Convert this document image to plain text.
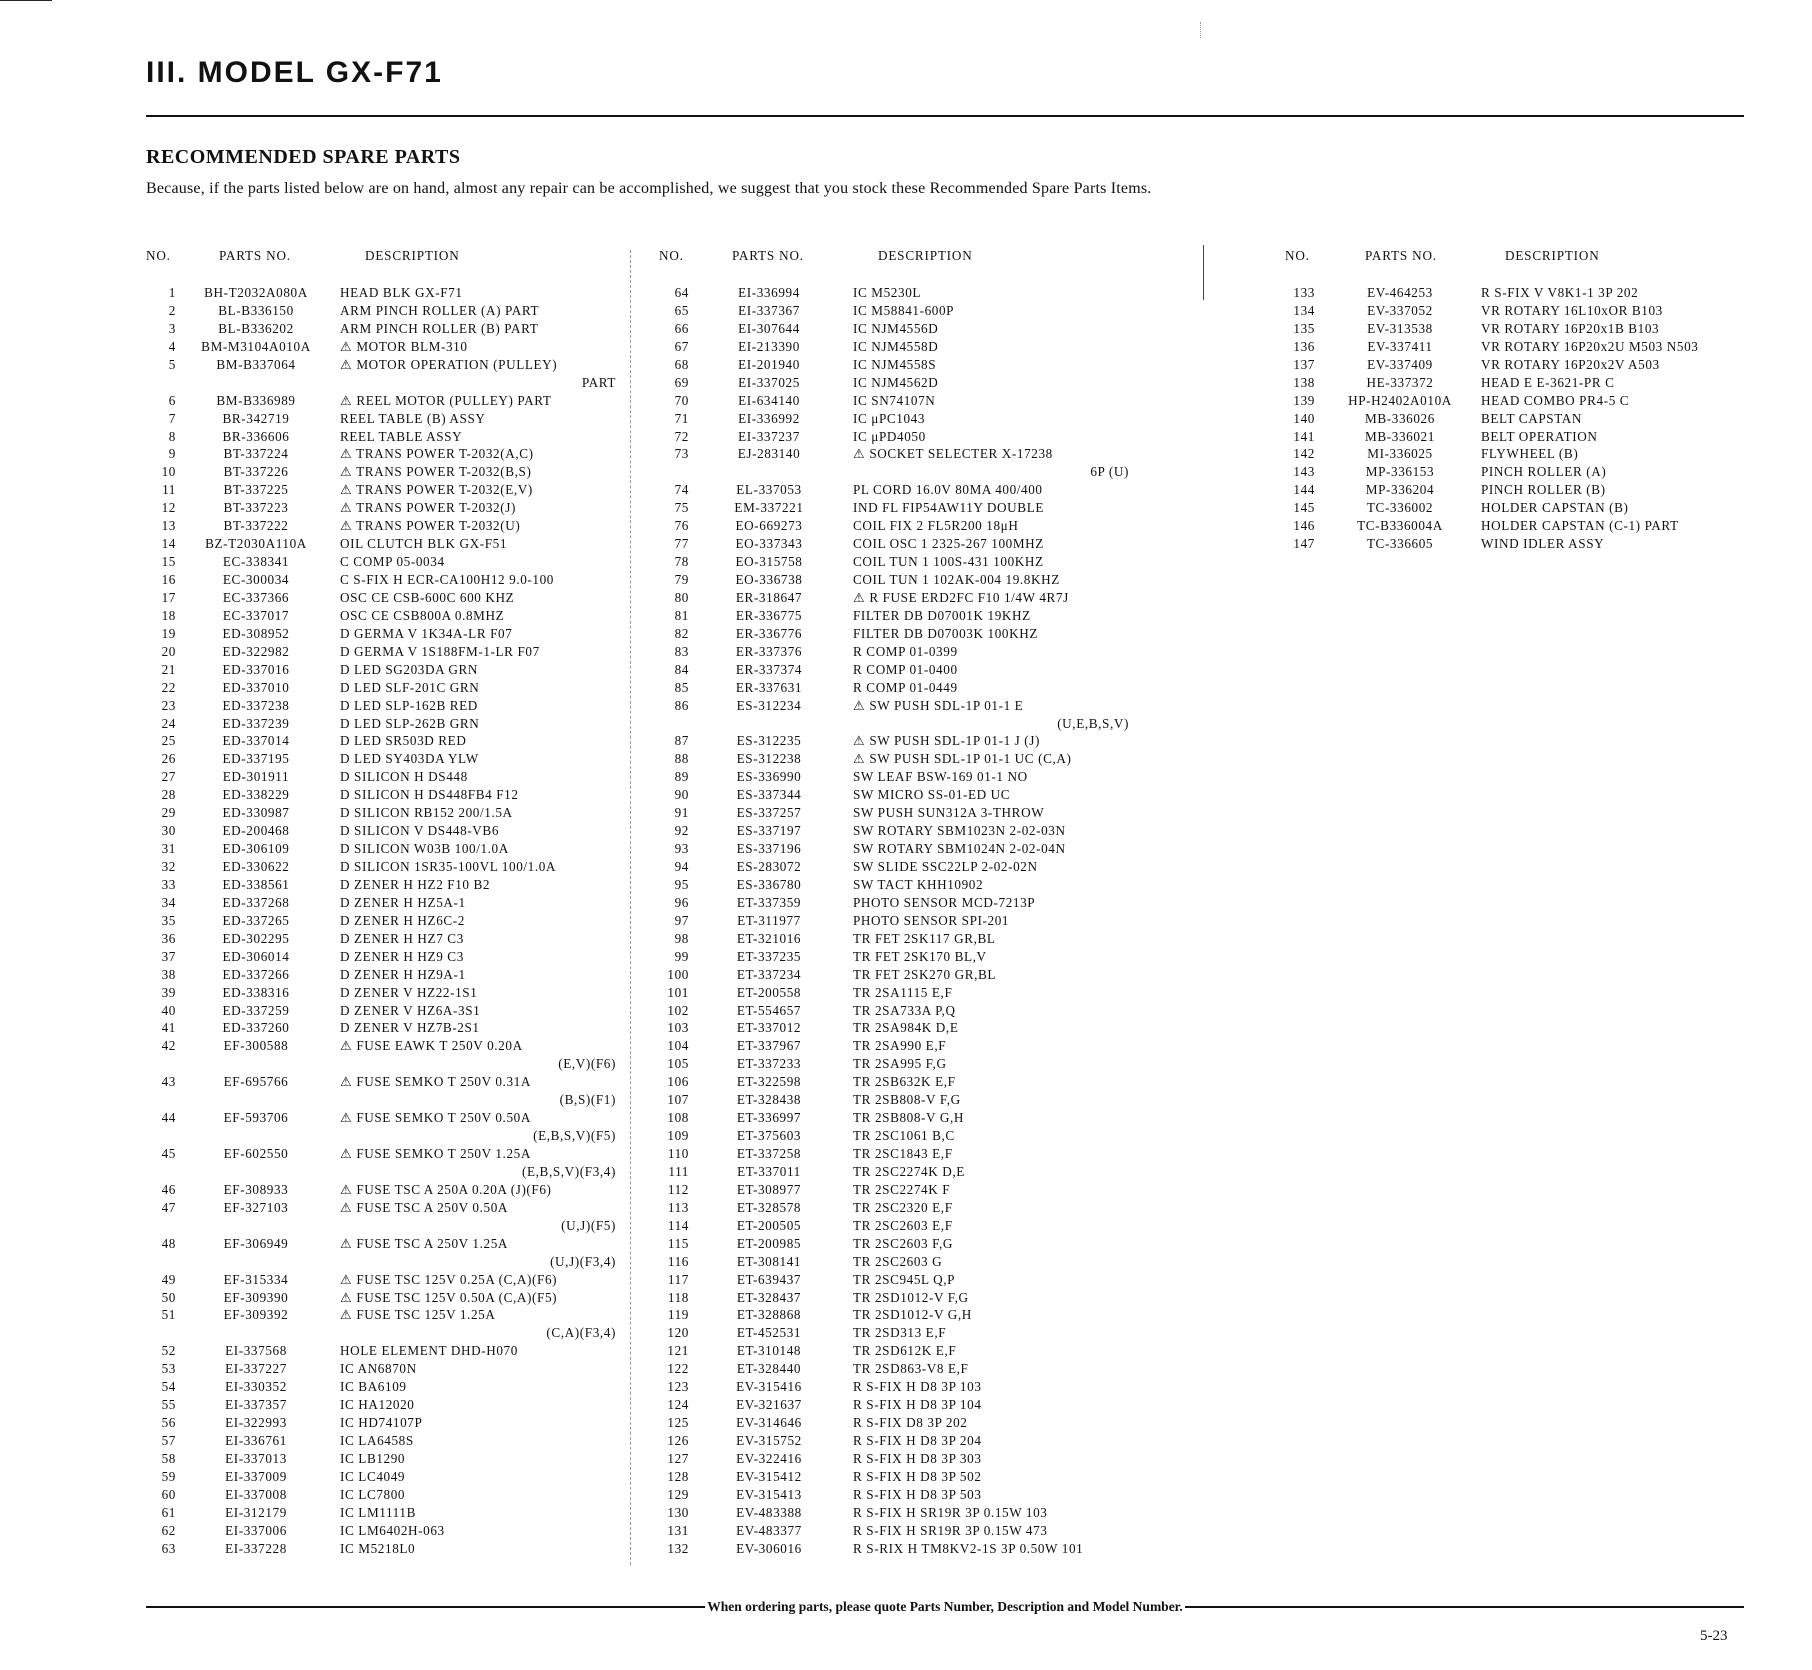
III. MODEL GX-F71
RECOMMENDED SPARE PARTS

Because, if the parts listed below are on hand, almost any repair can be accomplished, we suggest that you stock these Recommended Spare Parts Items.

NO.	PARTS NO.	DESCRIPTION
1	BH-T2032A080A	HEAD BLK GX-F71
2	BL-B336150	ARM PINCH ROLLER (A) PART
3	BL-B336202	ARM PINCH ROLLER (B) PART
4	BM-M3104A010A	⚠ MOTOR BLM-310
5	BM-B337064	⚠ MOTOR OPERATION (PULLEY)
PART
6	BM-B336989	⚠ REEL MOTOR (PULLEY) PART
7	BR-342719	REEL TABLE (B) ASSY
8	BR-336606	REEL TABLE ASSY
9	BT-337224	⚠ TRANS POWER T-2032(A,C)
10	BT-337226	⚠ TRANS POWER T-2032(B,S)
11	BT-337225	⚠ TRANS POWER T-2032(E,V)
12	BT-337223	⚠ TRANS POWER T-2032(J)
13	BT-337222	⚠ TRANS POWER T-2032(U)
14	BZ-T2030A110A	OIL CLUTCH BLK GX-F51
15	EC-338341	C COMP 05-0034
16	EC-300034	C S-FIX H ECR-CA100H12 9.0-100
17	EC-337366	OSC CE CSB-600C 600 KHZ
18	EC-337017	OSC CE CSB800A 0.8MHZ
19	ED-308952	D GERMA V 1K34A-LR F07
20	ED-322982	D GERMA V 1S188FM-1-LR F07
21	ED-337016	D LED SG203DA GRN
22	ED-337010	D LED SLF-201C GRN
23	ED-337238	D LED SLP-162B RED
24	ED-337239	D LED SLP-262B GRN
25	ED-337014	D LED SR503D RED
26	ED-337195	D LED SY403DA YLW
27	ED-301911	D SILICON H DS448
28	ED-338229	D SILICON H DS448FB4 F12
29	ED-330987	D SILICON RB152 200/1.5A
30	ED-200468	D SILICON V DS448-VB6
31	ED-306109	D SILICON W03B 100/1.0A
32	ED-330622	D SILICON 1SR35-100VL 100/1.0A
33	ED-338561	D ZENER H HZ2 F10 B2
34	ED-337268	D ZENER H HZ5A-1
35	ED-337265	D ZENER H HZ6C-2
36	ED-302295	D ZENER H HZ7 C3
37	ED-306014	D ZENER H HZ9 C3
38	ED-337266	D ZENER H HZ9A-1
39	ED-338316	D ZENER V HZ22-1S1
40	ED-337259	D ZENER V HZ6A-3S1
41	ED-337260	D ZENER V HZ7B-2S1
42	EF-300588	⚠ FUSE EAWK T 250V 0.20A
(E,V)(F6)
43	EF-695766	⚠ FUSE SEMKO T 250V 0.31A
(B,S)(F1)
44	EF-593706	⚠ FUSE SEMKO T 250V 0.50A
(E,B,S,V)(F5)
45	EF-602550	⚠ FUSE SEMKO T 250V 1.25A
(E,B,S,V)(F3,4)
46	EF-308933	⚠ FUSE TSC A 250A 0.20A (J)(F6)
47	EF-327103	⚠ FUSE TSC A 250V 0.50A
(U,J)(F5)
48	EF-306949	⚠ FUSE TSC A 250V 1.25A
(U,J)(F3,4)
49	EF-315334	⚠ FUSE TSC 125V 0.25A (C,A)(F6)
50	EF-309390	⚠ FUSE TSC 125V 0.50A (C,A)(F5)
51	EF-309392	⚠ FUSE TSC 125V 1.25A
(C,A)(F3,4)
52	EI-337568	HOLE ELEMENT DHD-H070
53	EI-337227	IC AN6870N
54	EI-330352	IC BA6109
55	EI-337357	IC HA12020
56	EI-322993	IC HD74107P
57	EI-336761	IC LA6458S
58	EI-337013	IC LB1290
59	EI-337009	IC LC4049
60	EI-337008	IC LC7800
61	EI-312179	IC LM1111B
62	EI-337006	IC LM6402H-063
63	EI-337228	IC M5218L0
NO.	PARTS NO.	DESCRIPTION
64	EI-336994	IC M5230L
65	EI-337367	IC M58841-600P
66	EI-307644	IC NJM4556D
67	EI-213390	IC NJM4558D
68	EI-201940	IC NJM4558S
69	EI-337025	IC NJM4562D
70	EI-634140	IC SN74107N
71	EI-336992	IC μPC1043
72	EI-337237	IC μPD4050
73	EJ-283140	⚠ SOCKET SELECTER X-17238
6P (U)
74	EL-337053	PL CORD 16.0V 80MA 400/400
75	EM-337221	IND FL FIP54AW11Y DOUBLE
76	EO-669273	COIL FIX 2 FL5R200 18μH
77	EO-337343	COIL OSC 1 2325-267 100MHZ
78	EO-315758	COIL TUN 1 100S-431 100KHZ
79	EO-336738	COIL TUN 1 102AK-004 19.8KHZ
80	ER-318647	⚠ R FUSE ERD2FC F10 1/4W 4R7J
81	ER-336775	FILTER DB D07001K 19KHZ
82	ER-336776	FILTER DB D07003K 100KHZ
83	ER-337376	R COMP 01-0399
84	ER-337374	R COMP 01-0400
85	ER-337631	R COMP 01-0449
86	ES-312234	⚠ SW PUSH SDL-1P 01-1 E
(U,E,B,S,V)
87	ES-312235	⚠ SW PUSH SDL-1P 01-1 J (J)
88	ES-312238	⚠ SW PUSH SDL-1P 01-1 UC (C,A)
89	ES-336990	SW LEAF BSW-169 01-1 NO
90	ES-337344	SW MICRO SS-01-ED UC
91	ES-337257	SW PUSH SUN312A 3-THROW
92	ES-337197	SW ROTARY SBM1023N 2-02-03N
93	ES-337196	SW ROTARY SBM1024N 2-02-04N
94	ES-283072	SW SLIDE SSC22LP 2-02-02N
95	ES-336780	SW TACT KHH10902
96	ET-337359	PHOTO SENSOR MCD-7213P
97	ET-311977	PHOTO SENSOR SPI-201
98	ET-321016	TR FET 2SK117 GR,BL
99	ET-337235	TR FET 2SK170 BL,V
100	ET-337234	TR FET 2SK270 GR,BL
101	ET-200558	TR 2SA1115 E,F
102	ET-554657	TR 2SA733A P,Q
103	ET-337012	TR 2SA984K D,E
104	ET-337967	TR 2SA990 E,F
105	ET-337233	TR 2SA995 F,G
106	ET-322598	TR 2SB632K E,F
107	ET-328438	TR 2SB808-V F,G
108	ET-336997	TR 2SB808-V G,H
109	ET-375603	TR 2SC1061 B,C
110	ET-337258	TR 2SC1843 E,F
111	ET-337011	TR 2SC2274K D,E
112	ET-308977	TR 2SC2274K F
113	ET-328578	TR 2SC2320 E,F
114	ET-200505	TR 2SC2603 E,F
115	ET-200985	TR 2SC2603 F,G
116	ET-308141	TR 2SC2603 G
117	ET-639437	TR 2SC945L Q,P
118	ET-328437	TR 2SD1012-V F,G
119	ET-328868	TR 2SD1012-V G,H
120	ET-452531	TR 2SD313 E,F
121	ET-310148	TR 2SD612K E,F
122	ET-328440	TR 2SD863-V8 E,F
123	EV-315416	R S-FIX H D8 3P 103
124	EV-321637	R S-FIX H D8 3P 104
125	EV-314646	R S-FIX D8 3P 202
126	EV-315752	R S-FIX H D8 3P 204
127	EV-322416	R S-FIX H D8 3P 303
128	EV-315412	R S-FIX H D8 3P 502
129	EV-315413	R S-FIX H D8 3P 503
130	EV-483388	R S-FIX H SR19R 3P 0.15W 103
131	EV-483377	R S-FIX H SR19R 3P 0.15W 473
132	EV-306016	R S-RIX H TM8KV2-1S 3P 0.50W 101
NO.	PARTS NO.	DESCRIPTION
133	EV-464253	R S-FIX V V8K1-1 3P 202
134	EV-337052	VR ROTARY 16L10xOR B103
135	EV-313538	VR ROTARY 16P20x1B B103
136	EV-337411	VR ROTARY 16P20x2U M503 N503
137	EV-337409	VR ROTARY 16P20x2V A503
138	HE-337372	HEAD E E-3621-PR C
139	HP-H2402A010A	HEAD COMBO PR4-5 C
140	MB-336026	BELT CAPSTAN
141	MB-336021	BELT OPERATION
142	MI-336025	FLYWHEEL (B)
143	MP-336153	PINCH ROLLER (A)
144	MP-336204	PINCH ROLLER (B)
145	TC-336002	HOLDER CAPSTAN (B)
146	TC-B336004A	HOLDER CAPSTAN (C-1) PART
147	TC-336605	WIND IDLER ASSY
When ordering parts, please quote Parts Number, Description and Model Number.
5-23
